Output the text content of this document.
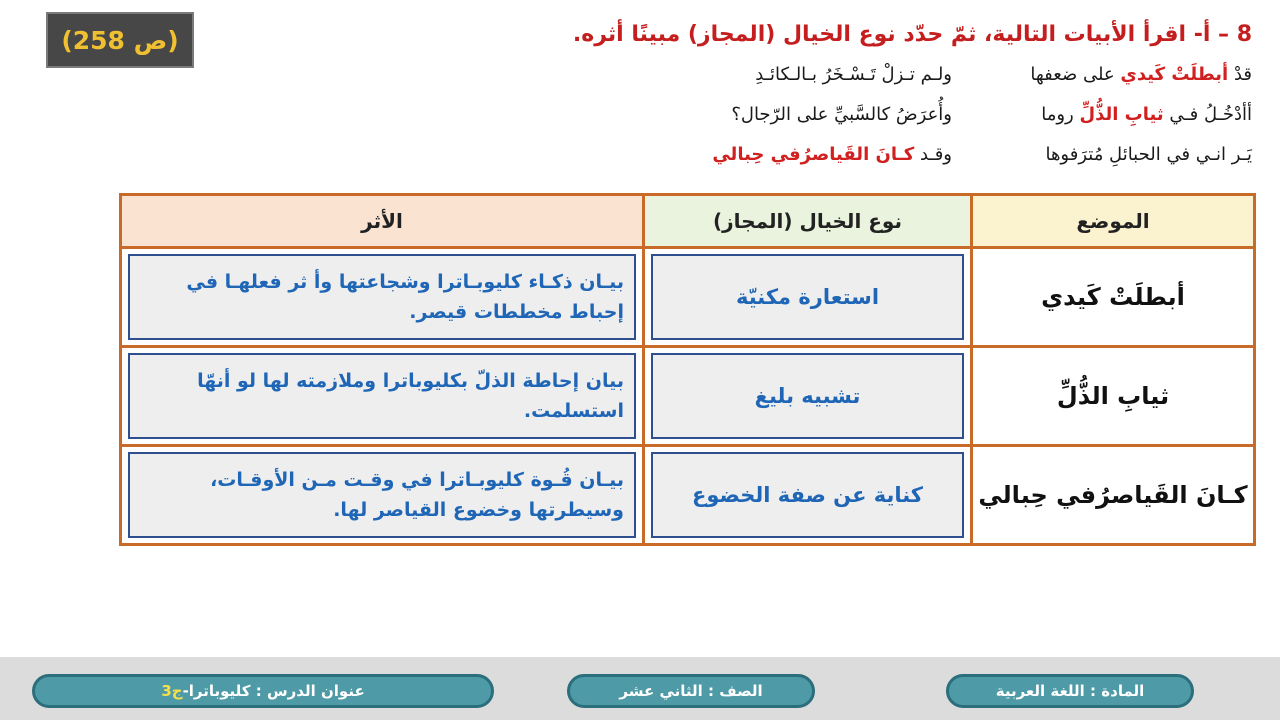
(ص 258)	8 – أ- اقرأ الأبيات التالية، ثمّ حدّد نوع الخيال (المجاز) مبينًا أثره.
قدْ أبطلَتْ كَيدي على ضعفها
ولـم تـزلْ تَـسْـخَرُ بـالـكائـدِ
أأدْخُـلُ فـي ثيابِ الذُّلِّ روما
وأُعرَضُ كالسَّبيِّ على الرّجال؟
يَـر انـي في الحبائلِ مُترَفوها
وقـد كـانَ القَياصرُفي حِبالي
الموضع	نوع الخيال (المجاز)	الأثر
أبطلَتْ كَيدي	استعارة مكنيّة	بيـان ذكـاء كليوبـاترا وشجاعتها وأ ثر فعلهـا في إحباط مخططات قيصر.

ثيابِ الذُّلِّ	تشبيه بليغ	بيان إحاطة الذلّ بكليوباترا وملازمته لها لو أنهّا استسلمت.

كـانَ القَياصرُفي حِبالي	كناية عن صفة الخضوع	بيـان قُـوة كليوبـاترا في وقـت مـن الأوقـات، وسيطرتها وخضوع القياصر لها.
المادة : اللغة العربية
الصف : الثاني عشر
عنوان الدرس : كليوباترا-
ج3
